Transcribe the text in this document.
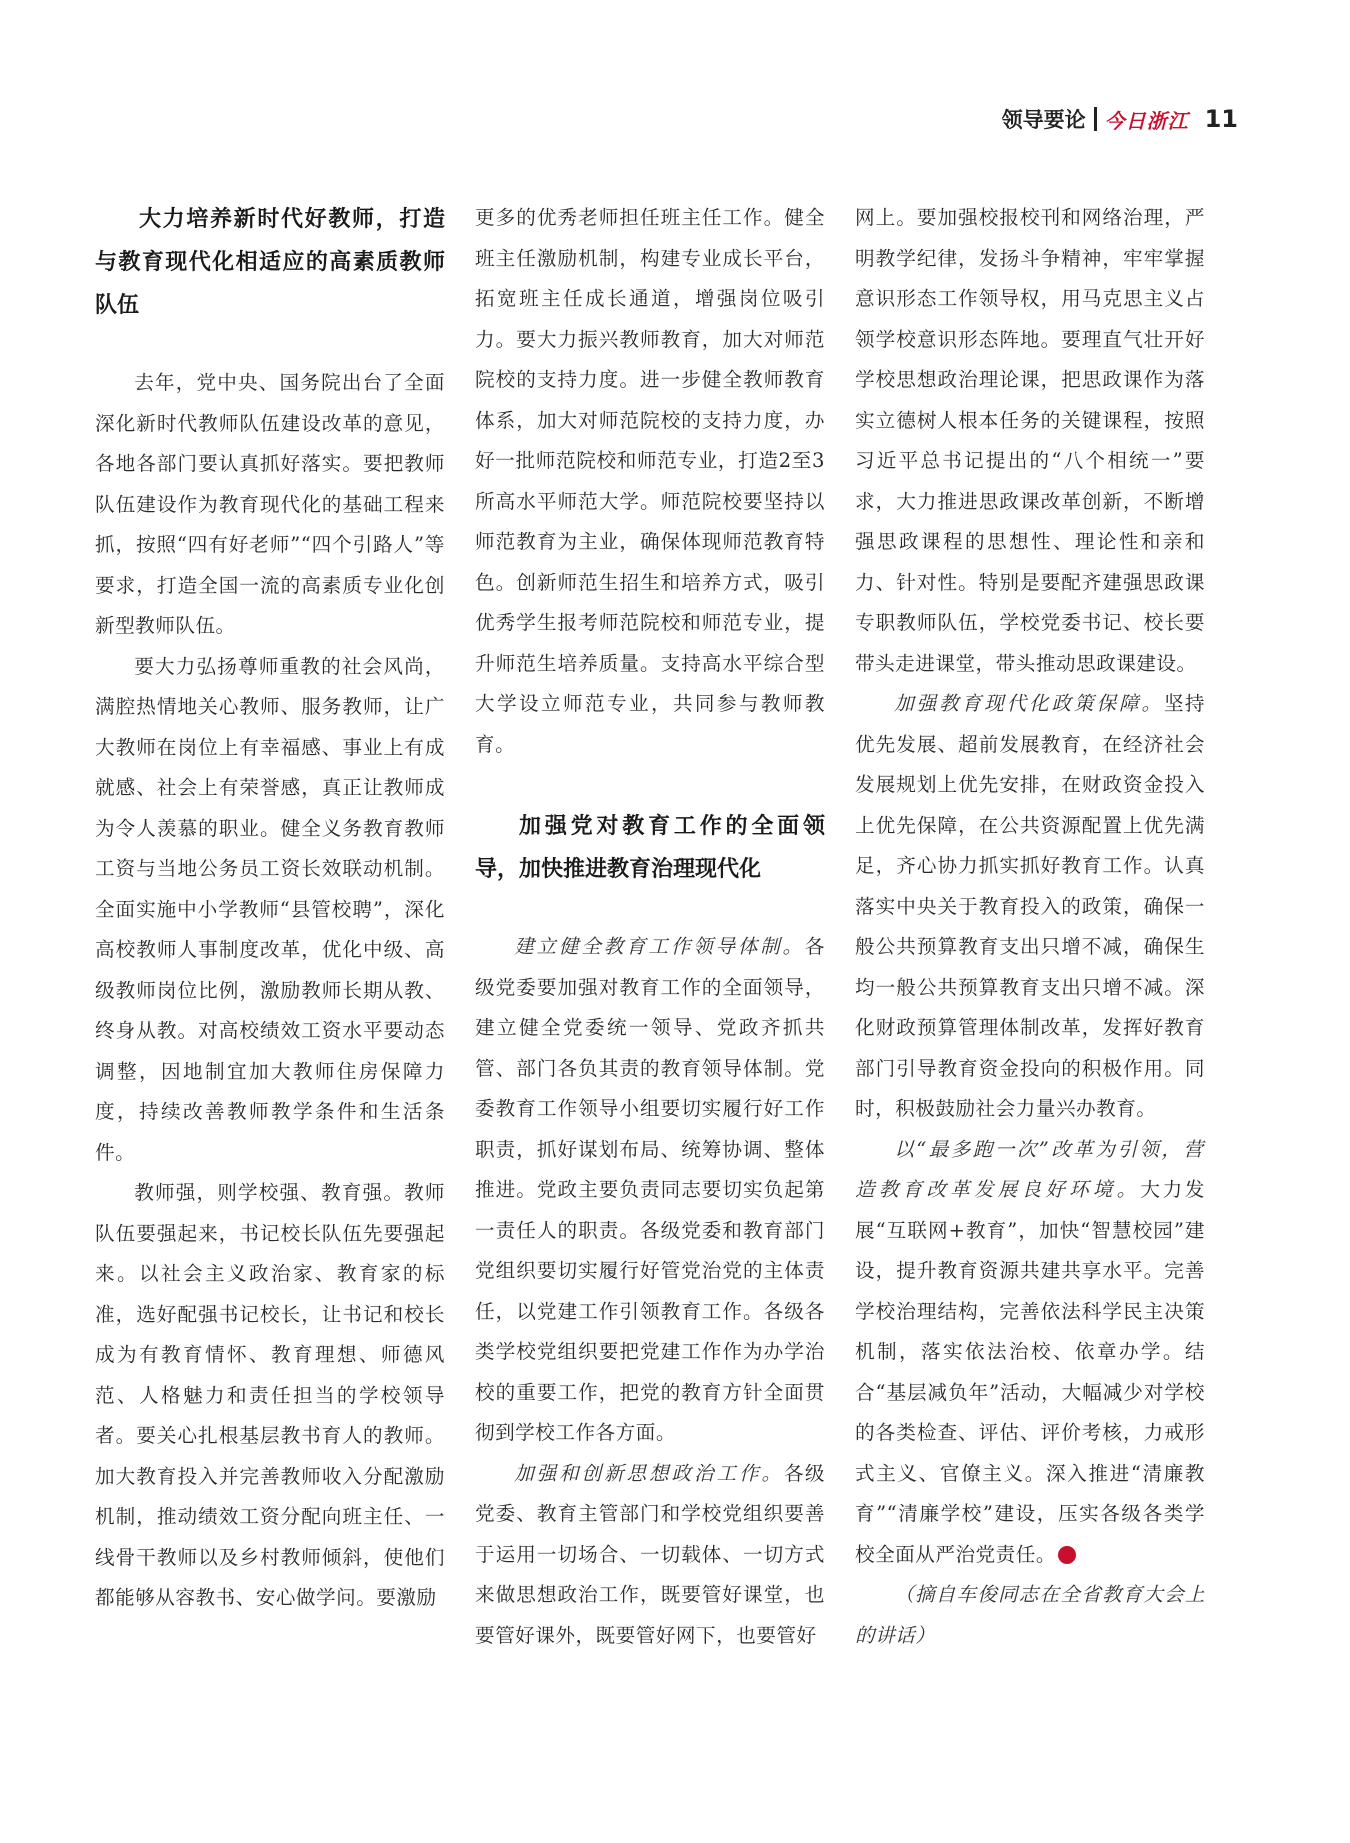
领导要论 今日浙江 11
大力培养新时代好教师，打造与教育现代化相适应的高素质教师队伍

去年，党中央、国务院出台了全面深化新时代教师队伍建设改革的意见，各地各部门要认真抓好落实。要把教师队伍建设作为教育现代化的基础工程来抓，按照“四有好老师”“四个引路人”等要求，打造全国一流的高素质专业化创新型教师队伍。

要大力弘扬尊师重教的社会风尚，满腔热情地关心教师、服务教师，让广大教师在岗位上有幸福感、事业上有成就感、社会上有荣誉感，真正让教师成为令人羡慕的职业。健全义务教育教师工资与当地公务员工资长效联动机制。全面实施中小学教师“县管校聘”，深化高校教师人事制度改革，优化中级、高级教师岗位比例，激励教师长期从教、终身从教。对高校绩效工资水平要动态调整，因地制宜加大教师住房保障力度，持续改善教师教学条件和生活条件。

教师强，则学校强、教育强。教师队伍要强起来，书记校长队伍先要强起来。以社会主义政治家、教育家的标准，选好配强书记校长，让书记和校长成为有教育情怀、教育理想、师德风范、人格魅力和责任担当的学校领导者。要关心扎根基层教书育人的教师。加大教育投入并完善教师收入分配激励机制，推动绩效工资分配向班主任、一线骨干教师以及乡村教师倾斜，使他们都能够从容教书、安心做学问。要激励

更多的优秀老师担任班主任工作。健全班主任激励机制，构建专业成长平台，拓宽班主任成长通道，增强岗位吸引力。要大力振兴教师教育，加大对师范院校的支持力度。进一步健全教师教育体系，加大对师范院校的支持力度，办好一批师范院校和师范专业，打造2至3所高水平师范大学。师范院校要坚持以师范教育为主业，确保体现师范教育特色。创新师范生招生和培养方式，吸引优秀学生报考师范院校和师范专业，提升师范生培养质量。支持高水平综合型大学设立师范专业，共同参与教师教育。

加强党对教育工作的全面领导，加快推进教育治理现代化

建立健全教育工作领导体制。各级党委要加强对教育工作的全面领导，建立健全党委统一领导、党政齐抓共管、部门各负其责的教育领导体制。党委教育工作领导小组要切实履行好工作职责，抓好谋划布局、统筹协调、整体推进。党政主要负责同志要切实负起第一责任人的职责。各级党委和教育部门党组织要切实履行好管党治党的主体责任，以党建工作引领教育工作。各级各类学校党组织要把党建工作作为办学治校的重要工作，把党的教育方针全面贯彻到学校工作各方面。

加强和创新思想政治工作。各级党委、教育主管部门和学校党组织要善于运用一切场合、一切载体、一切方式来做思想政治工作，既要管好课堂，也要管好课外，既要管好网下，也要管好

网上。要加强校报校刊和网络治理，严明教学纪律，发扬斗争精神，牢牢掌握意识形态工作领导权，用马克思主义占领学校意识形态阵地。要理直气壮开好学校思想政治理论课，把思政课作为落实立德树人根本任务的关键课程，按照习近平总书记提出的“八个相统一”要求，大力推进思政课改革创新，不断增强思政课程的思想性、理论性和亲和力、针对性。特别是要配齐建强思政课专职教师队伍，学校党委书记、校长要带头走进课堂，带头推动思政课建设。

加强教育现代化政策保障。坚持优先发展、超前发展教育，在经济社会发展规划上优先安排，在财政资金投入上优先保障，在公共资源配置上优先满足，齐心协力抓实抓好教育工作。认真落实中央关于教育投入的政策，确保一般公共预算教育支出只增不减，确保生均一般公共预算教育支出只增不减。深化财政预算管理体制改革，发挥好教育部门引导教育资金投向的积极作用。同时，积极鼓励社会力量兴办教育。

以“最多跑一次”改革为引领，营造教育改革发展良好环境。大力发展“互联网+教育”，加快“智慧校园”建设，提升教育资源共建共享水平。完善学校治理结构，完善依法科学民主决策机制，落实依法治校、依章办学。结合“基层减负年”活动，大幅减少对学校的各类检查、评估、评价考核，力戒形式主义、官僚主义。深入推进“清廉教育”“清廉学校”建设，压实各级各类学校全面从严治党责任。

（摘自车俊同志在全省教育大会上的讲话）
